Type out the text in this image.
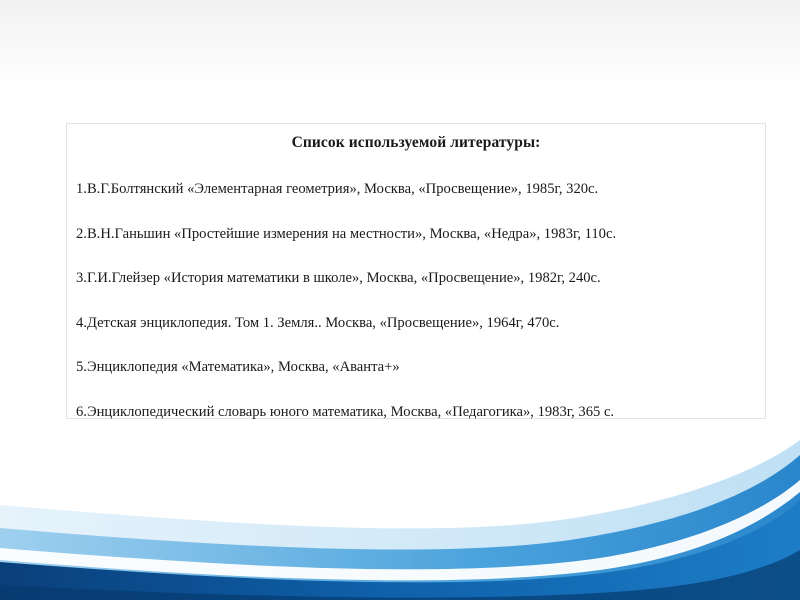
Список используемой литературы:
1.В.Г.Болтянский «Элементарная геометрия», Москва, «Просвещение», 1985г, 320с.
2.В.Н.Ганьшин «Простейшие измерения на местности», Москва, «Недра», 1983г, 110с.
3.Г.И.Глейзер «История математики в школе», Москва, «Просвещение», 1982г, 240с.
4.Детская энциклопедия. Том 1. Земля.. Москва, «Просвещение», 1964г, 470с.
5.Энциклопедия «Математика», Москва, «Аванта+»
6.Энциклопедический словарь юного математика, Москва, «Педагогика», 1983г, 365 с.
